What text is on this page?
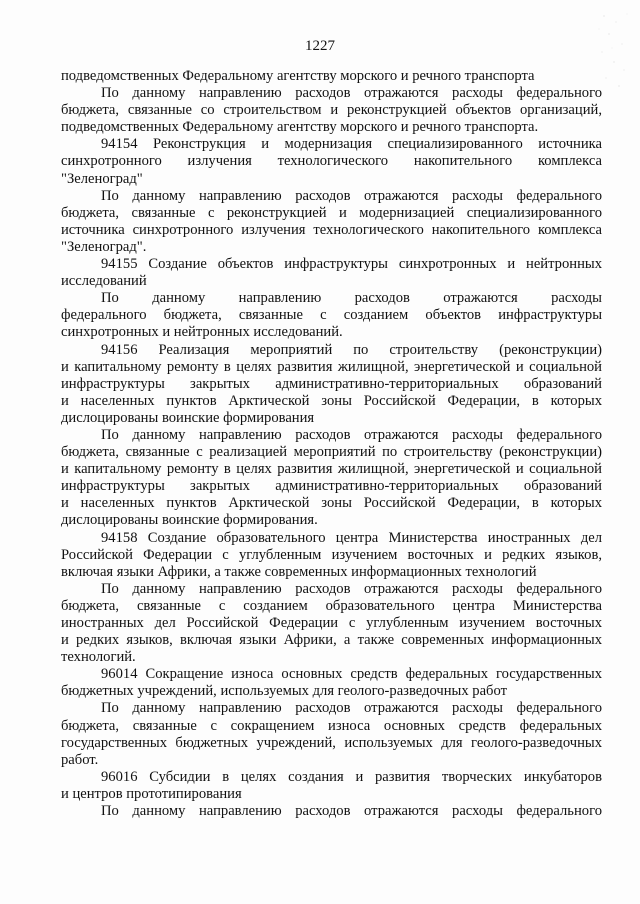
1227
подведомственных Федеральному агентству морского и речного транспорта
По данному направлению расходов отражаются расходы федерального
бюджета, связанные со строительством и реконструкцией объектов организаций,
подведомственных Федеральному агентству морского и речного транспорта.
94154 Реконструкция и модернизация специализированного источника
синхротронного излучения технологического накопительного комплекса
"Зеленоград"
По данному направлению расходов отражаются расходы федерального
бюджета, связанные с реконструкцией и модернизацией специализированного
источника синхротронного излучения технологического накопительного комплекса
"Зеленоград".
94155 Создание объектов инфраструктуры синхротронных и нейтронных
исследований
По данному направлению расходов отражаются расходы
федерального бюджета, связанные с созданием объектов инфраструктуры
синхротронных и нейтронных исследований.
94156 Реализация мероприятий по строительству (реконструкции)
и капитальному ремонту в целях развития жилищной, энергетической и социальной
инфраструктуры закрытых административно-территориальных образований
и населенных пунктов Арктической зоны Российской Федерации, в которых
дислоцированы воинские формирования
По данному направлению расходов отражаются расходы федерального
бюджета, связанные с реализацией мероприятий по строительству (реконструкции)
и капитальному ремонту в целях развития жилищной, энергетической и социальной
инфраструктуры закрытых административно-территориальных образований
и населенных пунктов Арктической зоны Российской Федерации, в которых
дислоцированы воинские формирования.
94158 Создание образовательного центра Министерства иностранных дел
Российской Федерации с углубленным изучением восточных и редких языков,
включая языки Африки, а также современных информационных технологий
По данному направлению расходов отражаются расходы федерального
бюджета, связанные с созданием образовательного центра Министерства
иностранных дел Российской Федерации с углубленным изучением восточных
и редких языков, включая языки Африки, а также современных информационных
технологий.
96014 Сокращение износа основных средств федеральных государственных
бюджетных учреждений, используемых для геолого-разведочных работ
По данному направлению расходов отражаются расходы федерального
бюджета, связанные с сокращением износа основных средств федеральных
государственных бюджетных учреждений, используемых для геолого-разведочных
работ.
96016 Субсидии в целях создания и развития творческих инкубаторов
и центров прототипирования
По данному направлению расходов отражаются расходы федерального
